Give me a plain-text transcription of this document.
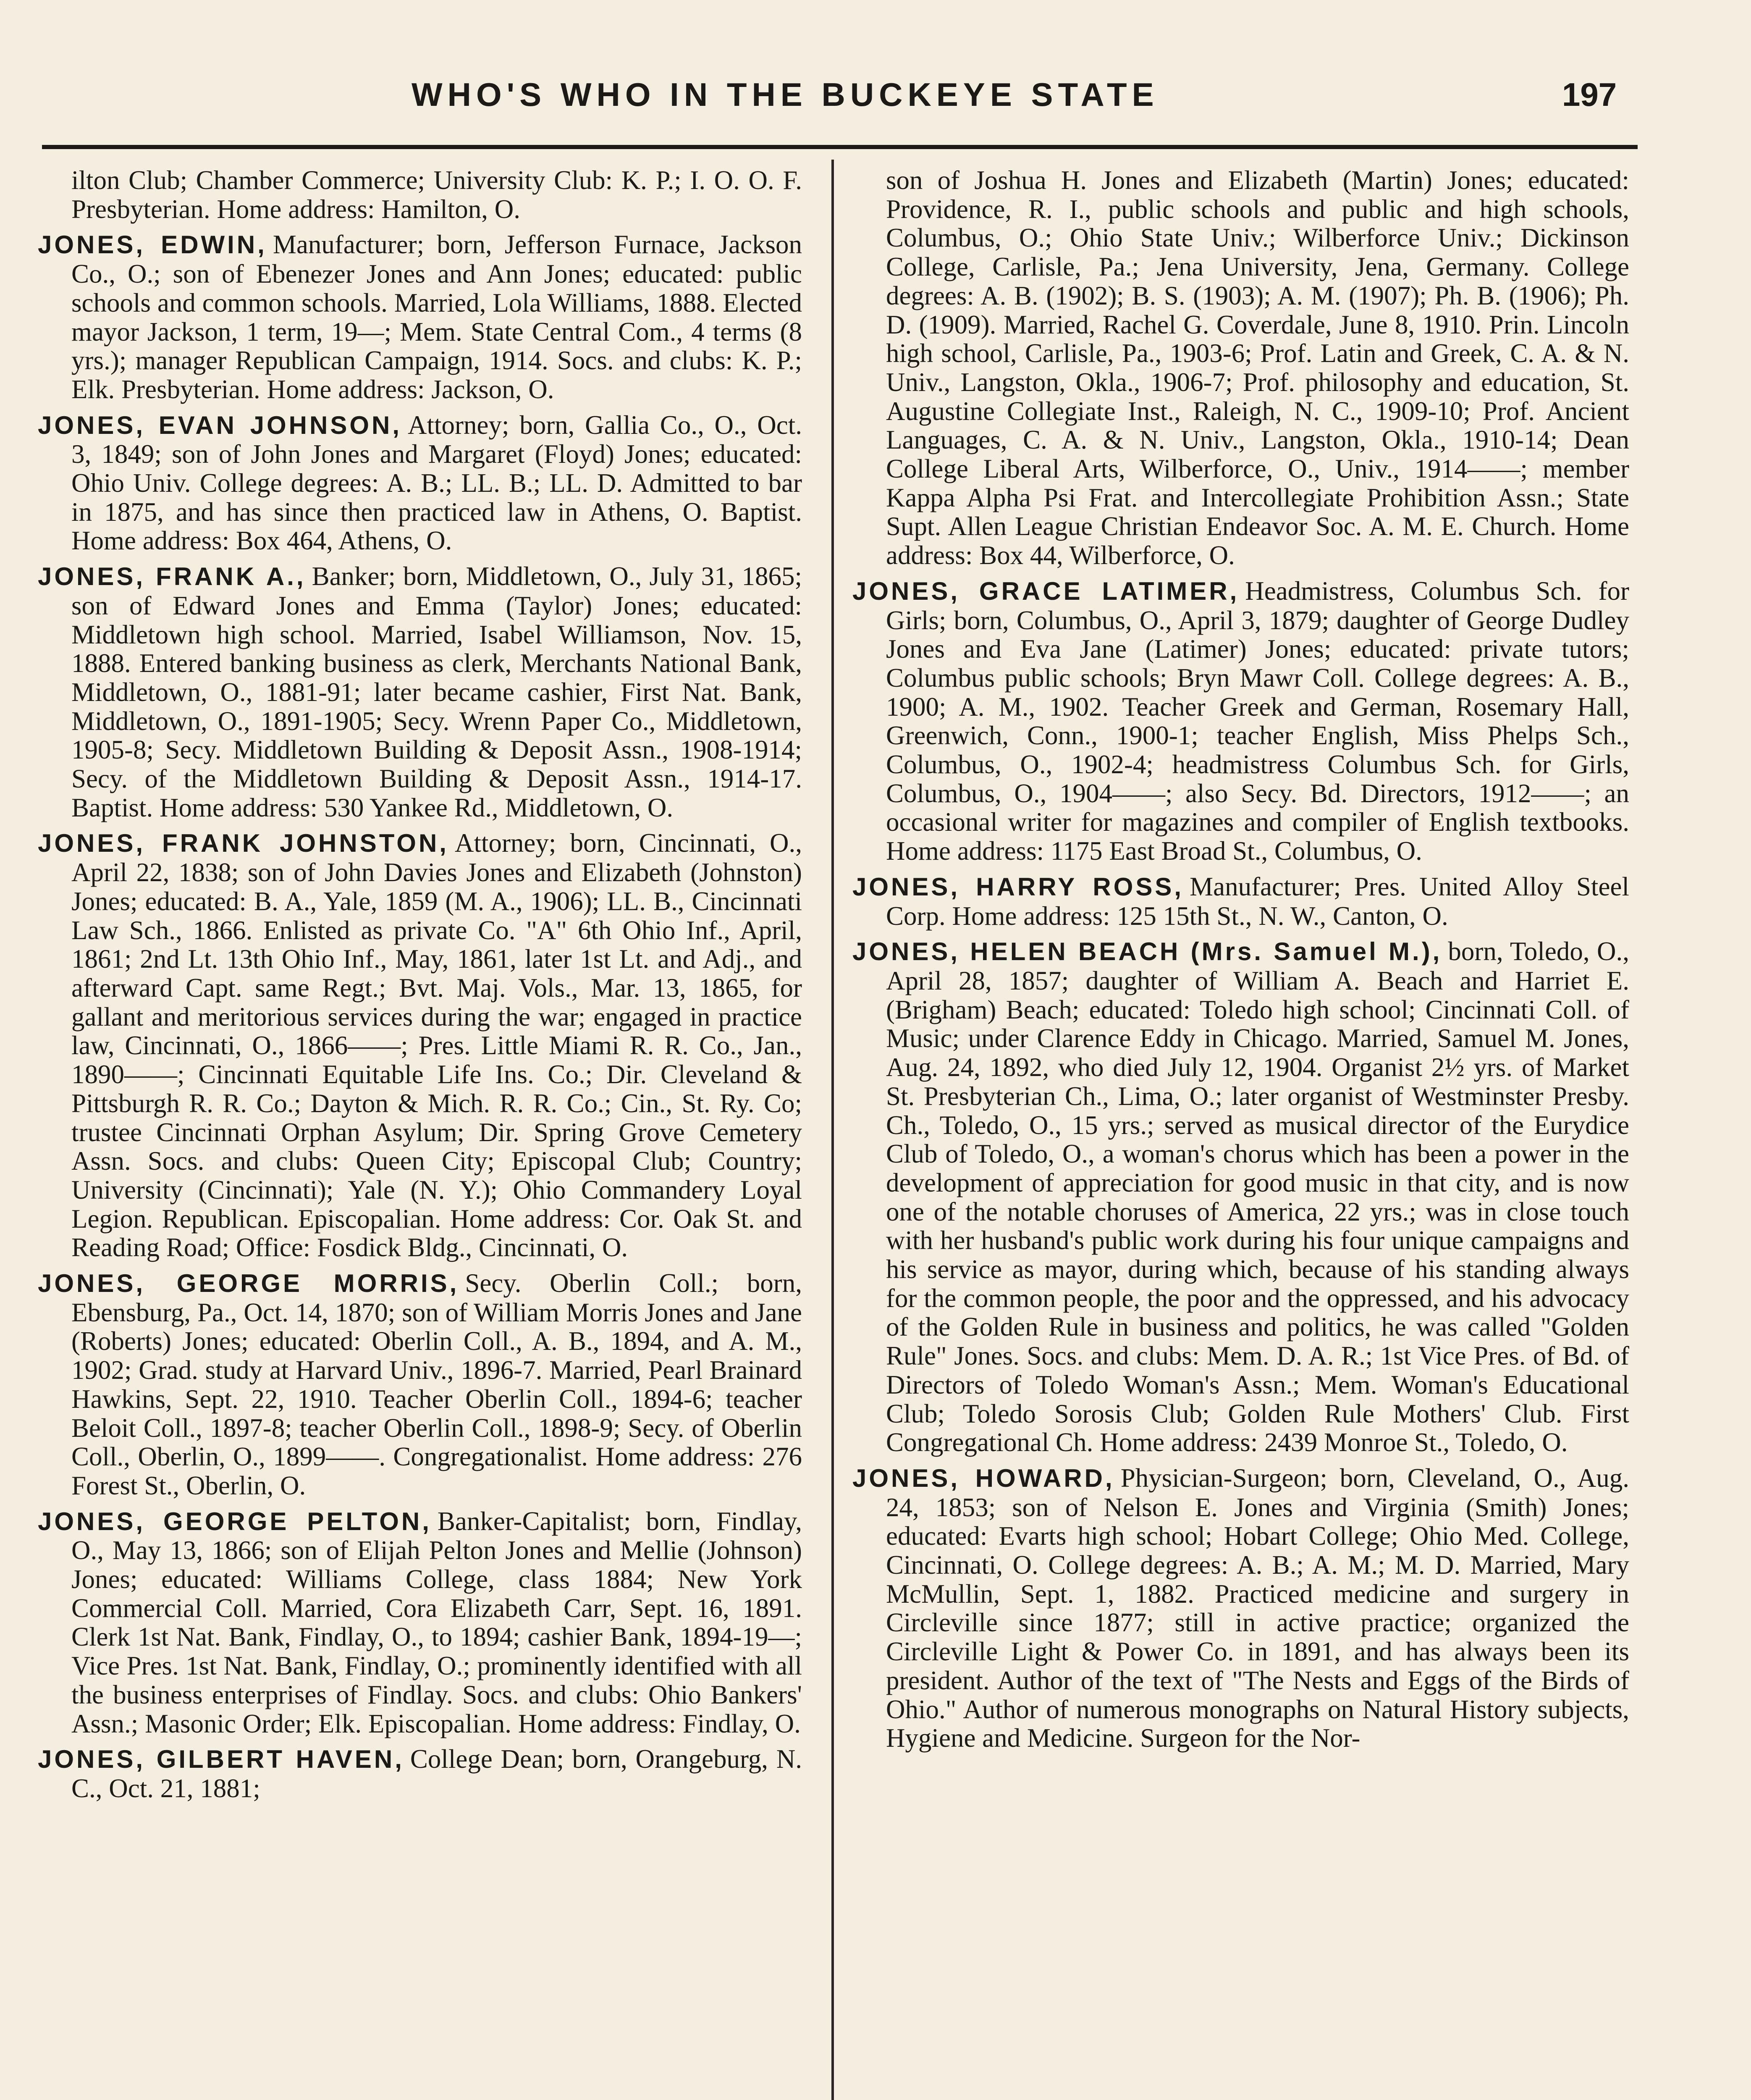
WHO'S WHO IN THE BUCKEYE STATE	197

ilton Club; Chamber Commerce; University Club: K. P.; I. O. O. F. Presbyterian. Home address: Hamilton, O.

JONES, EDWIN, Manufacturer; born, Jefferson Furnace, Jackson Co., O.; son of Ebenezer Jones and Ann Jones; educated: public schools and common schools. Married, Lola Williams, 1888. Elected mayor Jackson, 1 term, 19—; Mem. State Central Com., 4 terms (8 yrs.); manager Republican Campaign, 1914. Socs. and clubs: K. P.; Elk. Presbyterian. Home address: Jackson, O.

JONES, EVAN JOHNSON, Attorney; born, Gallia Co., O., Oct. 3, 1849; son of John Jones and Margaret (Floyd) Jones; educated: Ohio Univ. College degrees: A. B.; LL. B.; LL. D. Admitted to bar in 1875, and has since then practiced law in Athens, O. Baptist. Home address: Box 464, Athens, O.

JONES, FRANK A., Banker; born, Middletown, O., July 31, 1865; son of Edward Jones and Emma (Taylor) Jones; educated: Middletown high school. Married, Isabel Williamson, Nov. 15, 1888. Entered banking business as clerk, Merchants National Bank, Middletown, O., 1881-91; later became cashier, First Nat. Bank, Middletown, O., 1891-1905; Secy. Wrenn Paper Co., Middletown, 1905-8; Secy. Middletown Building & Deposit Assn., 1908-1914; Secy. of the Middletown Building & Deposit Assn., 1914-17. Baptist. Home address: 530 Yankee Rd., Middletown, O.

JONES, FRANK JOHNSTON, Attorney; born, Cincinnati, O., April 22, 1838; son of John Davies Jones and Elizabeth (Johnston) Jones; educated: B. A., Yale, 1859 (M. A., 1906); LL. B., Cincinnati Law Sch., 1866. Enlisted as private Co. "A" 6th Ohio Inf., April, 1861; 2nd Lt. 13th Ohio Inf., May, 1861, later 1st Lt. and Adj., and afterward Capt. same Regt.; Bvt. Maj. Vols., Mar. 13, 1865, for gallant and meritorious services during the war; engaged in practice law, Cincinnati, O., 1866——; Pres. Little Miami R. R. Co., Jan., 1890——; Cincinnati Equitable Life Ins. Co.; Dir. Cleveland & Pittsburgh R. R. Co.; Dayton & Mich. R. R. Co.; Cin., St. Ry. Co; trustee Cincinnati Orphan Asylum; Dir. Spring Grove Cemetery Assn. Socs. and clubs: Queen City; Episcopal Club; Country; University (Cincinnati); Yale (N. Y.); Ohio Commandery Loyal Legion. Republican. Episcopalian. Home address: Cor. Oak St. and Reading Road; Office: Fosdick Bldg., Cincinnati, O.

JONES, GEORGE MORRIS, Secy. Oberlin Coll.; born, Ebensburg, Pa., Oct. 14, 1870; son of William Morris Jones and Jane (Roberts) Jones; educated: Oberlin Coll., A. B., 1894, and A. M., 1902; Grad. study at Harvard Univ., 1896-7. Married, Pearl Brainard Hawkins, Sept. 22, 1910. Teacher Oberlin Coll., 1894-6; teacher Beloit Coll., 1897-8; teacher Oberlin Coll., 1898-9; Secy. of Oberlin Coll., Oberlin, O., 1899——. Congregationalist. Home address: 276 Forest St., Oberlin, O.

JONES, GEORGE PELTON, Banker-Capitalist; born, Findlay, O., May 13, 1866; son of Elijah Pelton Jones and Mellie (Johnson) Jones; educated: Williams College, class 1884; New York Commercial Coll. Married, Cora Elizabeth Carr, Sept. 16, 1891. Clerk 1st Nat. Bank, Findlay, O., to 1894; cashier Bank, 1894-19—; Vice Pres. 1st Nat. Bank, Findlay, O.; prominently identified with all the business enterprises of Findlay. Socs. and clubs: Ohio Bankers' Assn.; Masonic Order; Elk. Episcopalian. Home address: Findlay, O.

JONES, GILBERT HAVEN, College Dean; born, Orangeburg, N. C., Oct. 21, 1881;

son of Joshua H. Jones and Elizabeth (Martin) Jones; educated: Providence, R. I., public schools and public and high schools, Columbus, O.; Ohio State Univ.; Wilberforce Univ.; Dickinson College, Carlisle, Pa.; Jena University, Jena, Germany. College degrees: A. B. (1902); B. S. (1903); A. M. (1907); Ph. B. (1906); Ph. D. (1909). Married, Rachel G. Coverdale, June 8, 1910. Prin. Lincoln high school, Carlisle, Pa., 1903-6; Prof. Latin and Greek, C. A. & N. Univ., Langston, Okla., 1906-7; Prof. philosophy and education, St. Augustine Collegiate Inst., Raleigh, N. C., 1909-10; Prof. Ancient Languages, C. A. & N. Univ., Langston, Okla., 1910-14; Dean College Liberal Arts, Wilberforce, O., Univ., 1914——; member Kappa Alpha Psi Frat. and Intercollegiate Prohibition Assn.; State Supt. Allen League Christian Endeavor Soc. A. M. E. Church. Home address: Box 44, Wilberforce, O.

JONES, GRACE LATIMER, Headmistress, Columbus Sch. for Girls; born, Columbus, O., April 3, 1879; daughter of George Dudley Jones and Eva Jane (Latimer) Jones; educated: private tutors; Columbus public schools; Bryn Mawr Coll. College degrees: A. B., 1900; A. M., 1902. Teacher Greek and German, Rosemary Hall, Greenwich, Conn., 1900-1; teacher English, Miss Phelps Sch., Columbus, O., 1902-4; headmistress Columbus Sch. for Girls, Columbus, O., 1904——; also Secy. Bd. Directors, 1912——; an occasional writer for magazines and compiler of English textbooks. Home address: 1175 East Broad St., Columbus, O.

JONES, HARRY ROSS, Manufacturer; Pres. United Alloy Steel Corp. Home address: 125 15th St., N. W., Canton, O.

JONES, HELEN BEACH (Mrs. Samuel M.), born, Toledo, O., April 28, 1857; daughter of William A. Beach and Harriet E. (Brigham) Beach; educated: Toledo high school; Cincinnati Coll. of Music; under Clarence Eddy in Chicago. Married, Samuel M. Jones, Aug. 24, 1892, who died July 12, 1904. Organist 2½ yrs. of Market St. Presbyterian Ch., Lima, O.; later organist of Westminster Presby. Ch., Toledo, O., 15 yrs.; served as musical director of the Eurydice Club of Toledo, O., a woman's chorus which has been a power in the development of appreciation for good music in that city, and is now one of the notable choruses of America, 22 yrs.; was in close touch with her husband's public work during his four unique campaigns and his service as mayor, during which, because of his standing always for the common people, the poor and the oppressed, and his advocacy of the Golden Rule in business and politics, he was called "Golden Rule" Jones. Socs. and clubs: Mem. D. A. R.; 1st Vice Pres. of Bd. of Directors of Toledo Woman's Assn.; Mem. Woman's Educational Club; Toledo Sorosis Club; Golden Rule Mothers' Club. First Congregational Ch. Home address: 2439 Monroe St., Toledo, O.

JONES, HOWARD, Physician-Surgeon; born, Cleveland, O., Aug. 24, 1853; son of Nelson E. Jones and Virginia (Smith) Jones; educated: Evarts high school; Hobart College; Ohio Med. College, Cincinnati, O. College degrees: A. B.; A. M.; M. D. Married, Mary McMullin, Sept. 1, 1882. Practiced medicine and surgery in Circleville since 1877; still in active practice; organized the Circleville Light & Power Co. in 1891, and has always been its president. Author of the text of "The Nests and Eggs of the Birds of Ohio." Author of numerous monographs on Natural History subjects, Hygiene and Medicine. Surgeon for the Nor-
